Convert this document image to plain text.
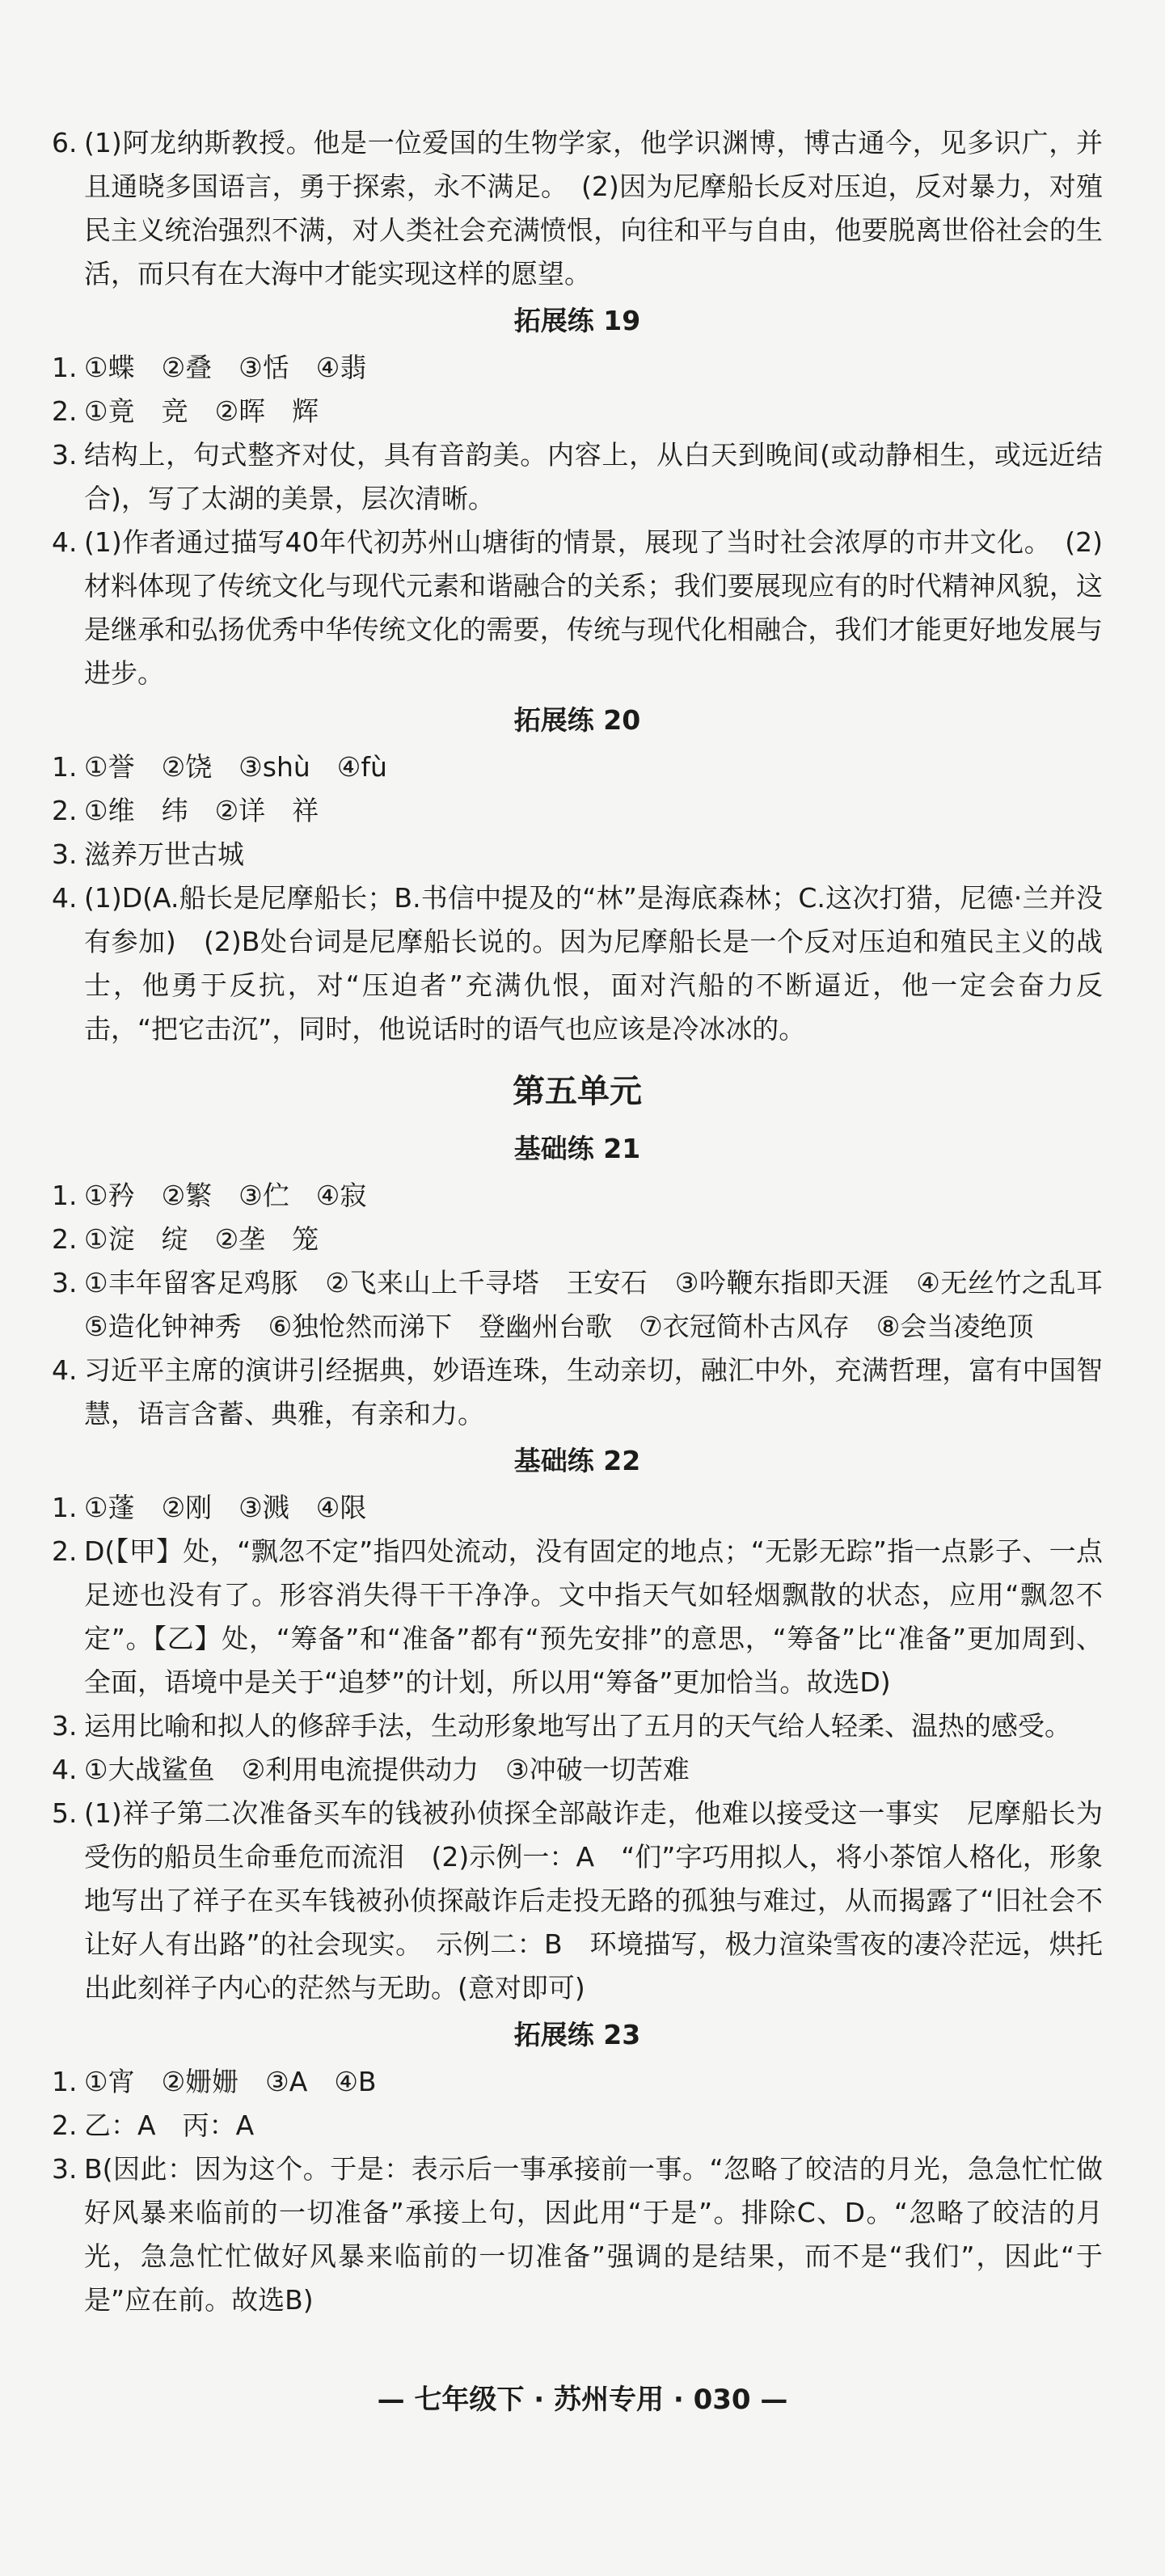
6. (1)阿龙纳斯教授。他是一位爱国的生物学家，他学识渊博，博古通今，见多识广，并且通晓多国语言，勇于探索，永不满足。　(2)因为尼摩船长反对压迫，反对暴力，对殖民主义统治强烈不满，对人类社会充满愤恨，向往和平与自由，他要脱离世俗社会的生活，而只有在大海中才能实现这样的愿望。
拓展练 19
1. ①蝶　②叠　③恬　④翡
2. ①竟　竞　②晖　辉
3. 结构上，句式整齐对仗，具有音韵美。内容上，从白天到晚间(或动静相生，或远近结合)，写了太湖的美景，层次清晰。
4. (1)作者通过描写40年代初苏州山塘街的情景，展现了当时社会浓厚的市井文化。　(2)材料体现了传统文化与现代元素和谐融合的关系；我们要展现应有的时代精神风貌，这是继承和弘扬优秀中华传统文化的需要，传统与现代化相融合，我们才能更好地发展与进步。
拓展练 20
1. ①誉　②饶　③shù　④fù
2. ①维　纬　②详　祥
3. 滋养万世古城
4. (1)D(A.船长是尼摩船长；B.书信中提及的“林”是海底森林；C.这次打猎，尼德·兰并没有参加)　(2)B处台词是尼摩船长说的。因为尼摩船长是一个反对压迫和殖民主义的战士，他勇于反抗，对“压迫者”充满仇恨，面对汽船的不断逼近，他一定会奋力反击，“把它击沉”，同时，他说话时的语气也应该是冷冰冰的。
第五单元
基础练 21
1. ①矜　②繁　③伫　④寂
2. ①淀　绽　②垄　笼
3. ①丰年留客足鸡豚　②飞来山上千寻塔　王安石　③吟鞭东指即天涯　④无丝竹之乱耳　⑤造化钟神秀　⑥独怆然而涕下　登幽州台歌　⑦衣冠简朴古风存　⑧会当凌绝顶
4. 习近平主席的演讲引经据典，妙语连珠，生动亲切，融汇中外，充满哲理，富有中国智慧，语言含蓄、典雅，有亲和力。
基础练 22
1. ①蓬　②刚　③溅　④限
2. D(【甲】处，“飘忽不定”指四处流动，没有固定的地点；“无影无踪”指一点影子、一点足迹也没有了。形容消失得干干净净。文中指天气如轻烟飘散的状态，应用“飘忽不定”。【乙】处，“筹备”和“准备”都有“预先安排”的意思，“筹备”比“准备”更加周到、全面，语境中是关于“追梦”的计划，所以用“筹备”更加恰当。故选D)
3. 运用比喻和拟人的修辞手法，生动形象地写出了五月的天气给人轻柔、温热的感受。
4. ①大战鲨鱼　②利用电流提供动力　③冲破一切苦难
5. (1)祥子第二次准备买车的钱被孙侦探全部敲诈走，他难以接受这一事实　尼摩船长为受伤的船员生命垂危而流泪　(2)示例一：A　“们”字巧用拟人，将小茶馆人格化，形象地写出了祥子在买车钱被孙侦探敲诈后走投无路的孤独与难过，从而揭露了“旧社会不让好人有出路”的社会现实。　示例二：B　环境描写，极力渲染雪夜的凄冷茫远，烘托出此刻祥子内心的茫然与无助。(意对即可)
拓展练 23
1. ①宵　②姗姗　③A　④B
2. 乙：A　丙：A
3. B(因此：因为这个。于是：表示后一事承接前一事。“忽略了皎洁的月光，急急忙忙做好风暴来临前的一切准备”承接上句，因此用“于是”。排除C、D。“忽略了皎洁的月光，急急忙忙做好风暴来临前的一切准备”强调的是结果，而不是“我们”，因此“于是”应在前。故选B)
— 七年级下 · 苏州专用 · 030 —
